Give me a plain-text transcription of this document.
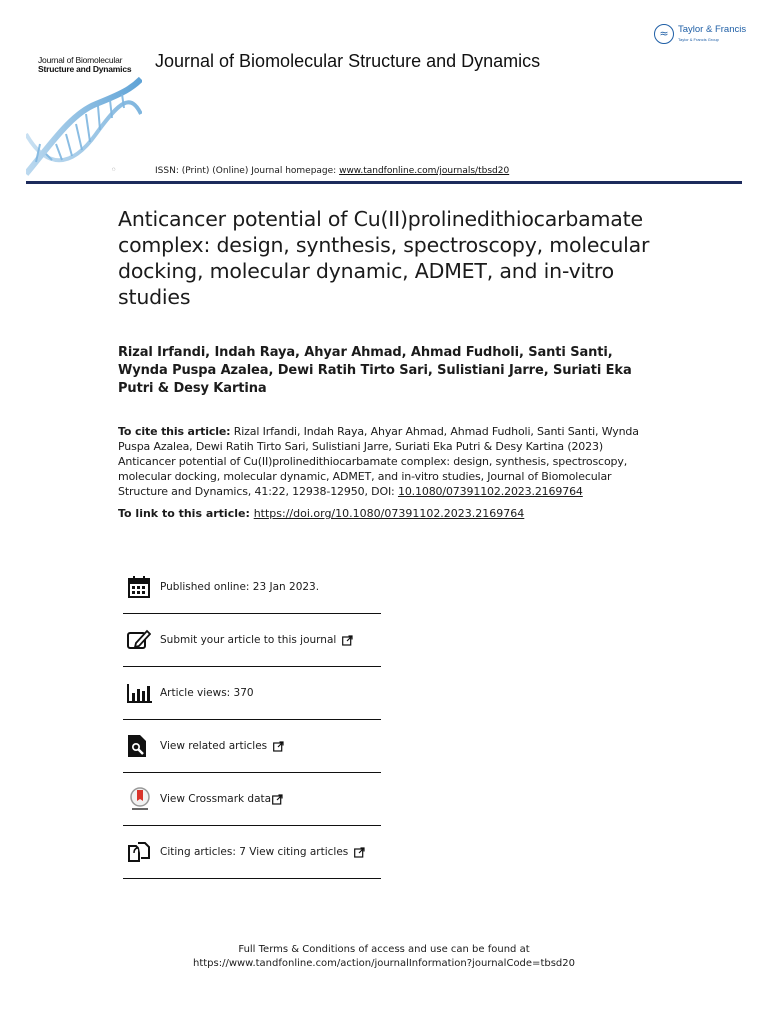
Journal of Biomolecular
Structure and Dynamics
◯
Journal of Biomolecular Structure and Dynamics
ISSN: (Print) (Online) Journal homepage: www.tandfonline.com/journals/tbsd20
≈ Taylor & Francis
Taylor & Francis Group
Anticancer potential of Cu(II)prolinedithiocarbamate complex: design, synthesis, spectroscopy, molecular docking, molecular dynamic, ADMET, and in-vitro studies

Rizal Irfandi, Indah Raya, Ahyar Ahmad, Ahmad Fudholi, Santi Santi, Wynda Puspa Azalea, Dewi Ratih Tirto Sari, Sulistiani Jarre, Suriati Eka Putri & Desy Kartina

To cite this article: Rizal Irfandi, Indah Raya, Ahyar Ahmad, Ahmad Fudholi, Santi Santi, Wynda Puspa Azalea, Dewi Ratih Tirto Sari, Sulistiani Jarre, Suriati Eka Putri & Desy Kartina (2023) Anticancer potential of Cu(II)prolinedithiocarbamate complex: design, synthesis, spectroscopy, molecular docking, molecular dynamic, ADMET, and in-vitro studies, Journal of Biomolecular Structure and Dynamics, 41:22, 12938-12950, DOI: 10.1080/07391102.2023.2169764

To link to this article: https://doi.org/10.1080/07391102.2023.2169764
Published online: 23 Jan 2023.
Submit your article to this journal
Article views: 370
View related articles
View Crossmark data
Citing articles: 7 View citing articles
Full Terms & Conditions of access and use can be found at
https://www.tandfonline.com/action/journalInformation?journalCode=tbsd20
